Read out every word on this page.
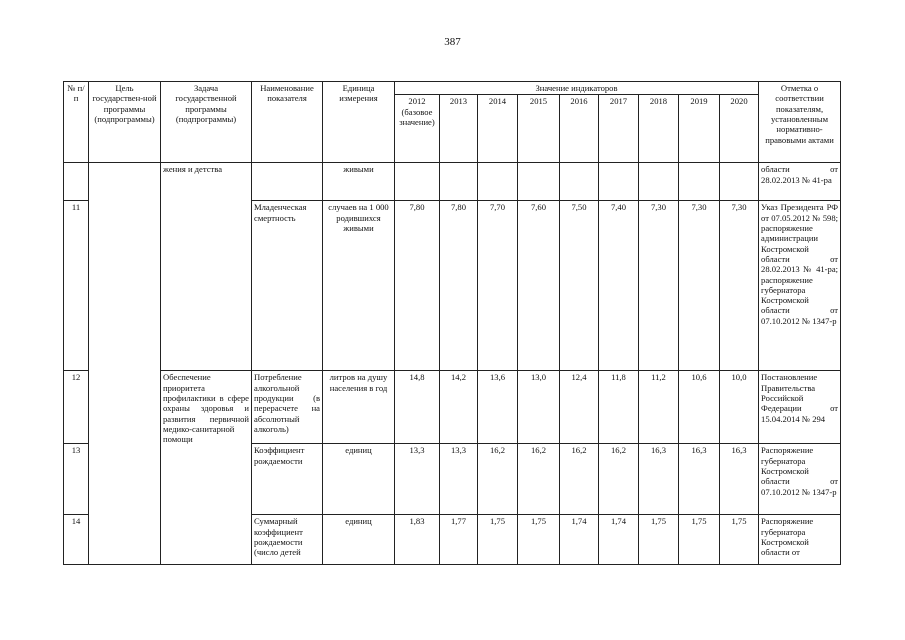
387
№ п/п	Цель государствен-ной программы (подпрограммы)	Задача государственной программы (подпрограммы)	Наименование показателя	Единица измерения	Значение индикаторов									Отметка о соответствии показателям, установленным нормативно-правовыми актами
					2012 (базовое значение)	2013	2014	2015	2016	2017	2018	2019	2020	
		жения и детства		живыми										области от 28.02.2013 № 41-ра
11			Младенческая смертность	случаев на 1 000 родившихся живыми	7,80	7,80	7,70	7,60	7,50	7,40	7,30	7,30	7,30	Указ Президента РФ от 07.05.2012 № 598; распоряжение администрации Костромской области от 28.02.2013 № 41-ра; распоряжение губернатора Костромской области от 07.10.2012 № 1347-р
12		Обеспечение приоритета профилактики в сфере охраны здоровья и развития первичной медико-санитарной помощи	Потребление алкогольной продукции (в перерасчете на абсолютный алкоголь)	литров на душу населения в год	14,8	14,2	13,6	13,0	12,4	11,8	11,2	10,6	10,0	Постановление Правительства Российской Федерации от 15.04.2014 № 294
13			Коэффициент рождаемости	единиц	13,3	13,3	16,2	16,2	16,2	16,2	16,3	16,3	16,3	Распоряжение губернатора Костромской области от 07.10.2012 № 1347-р
14			Суммарный коэффициент рождаемости (число детей	единиц	1,83	1,77	1,75	1,75	1,74	1,74	1,75	1,75	1,75	Распоряжение губернатора Костромской области от
